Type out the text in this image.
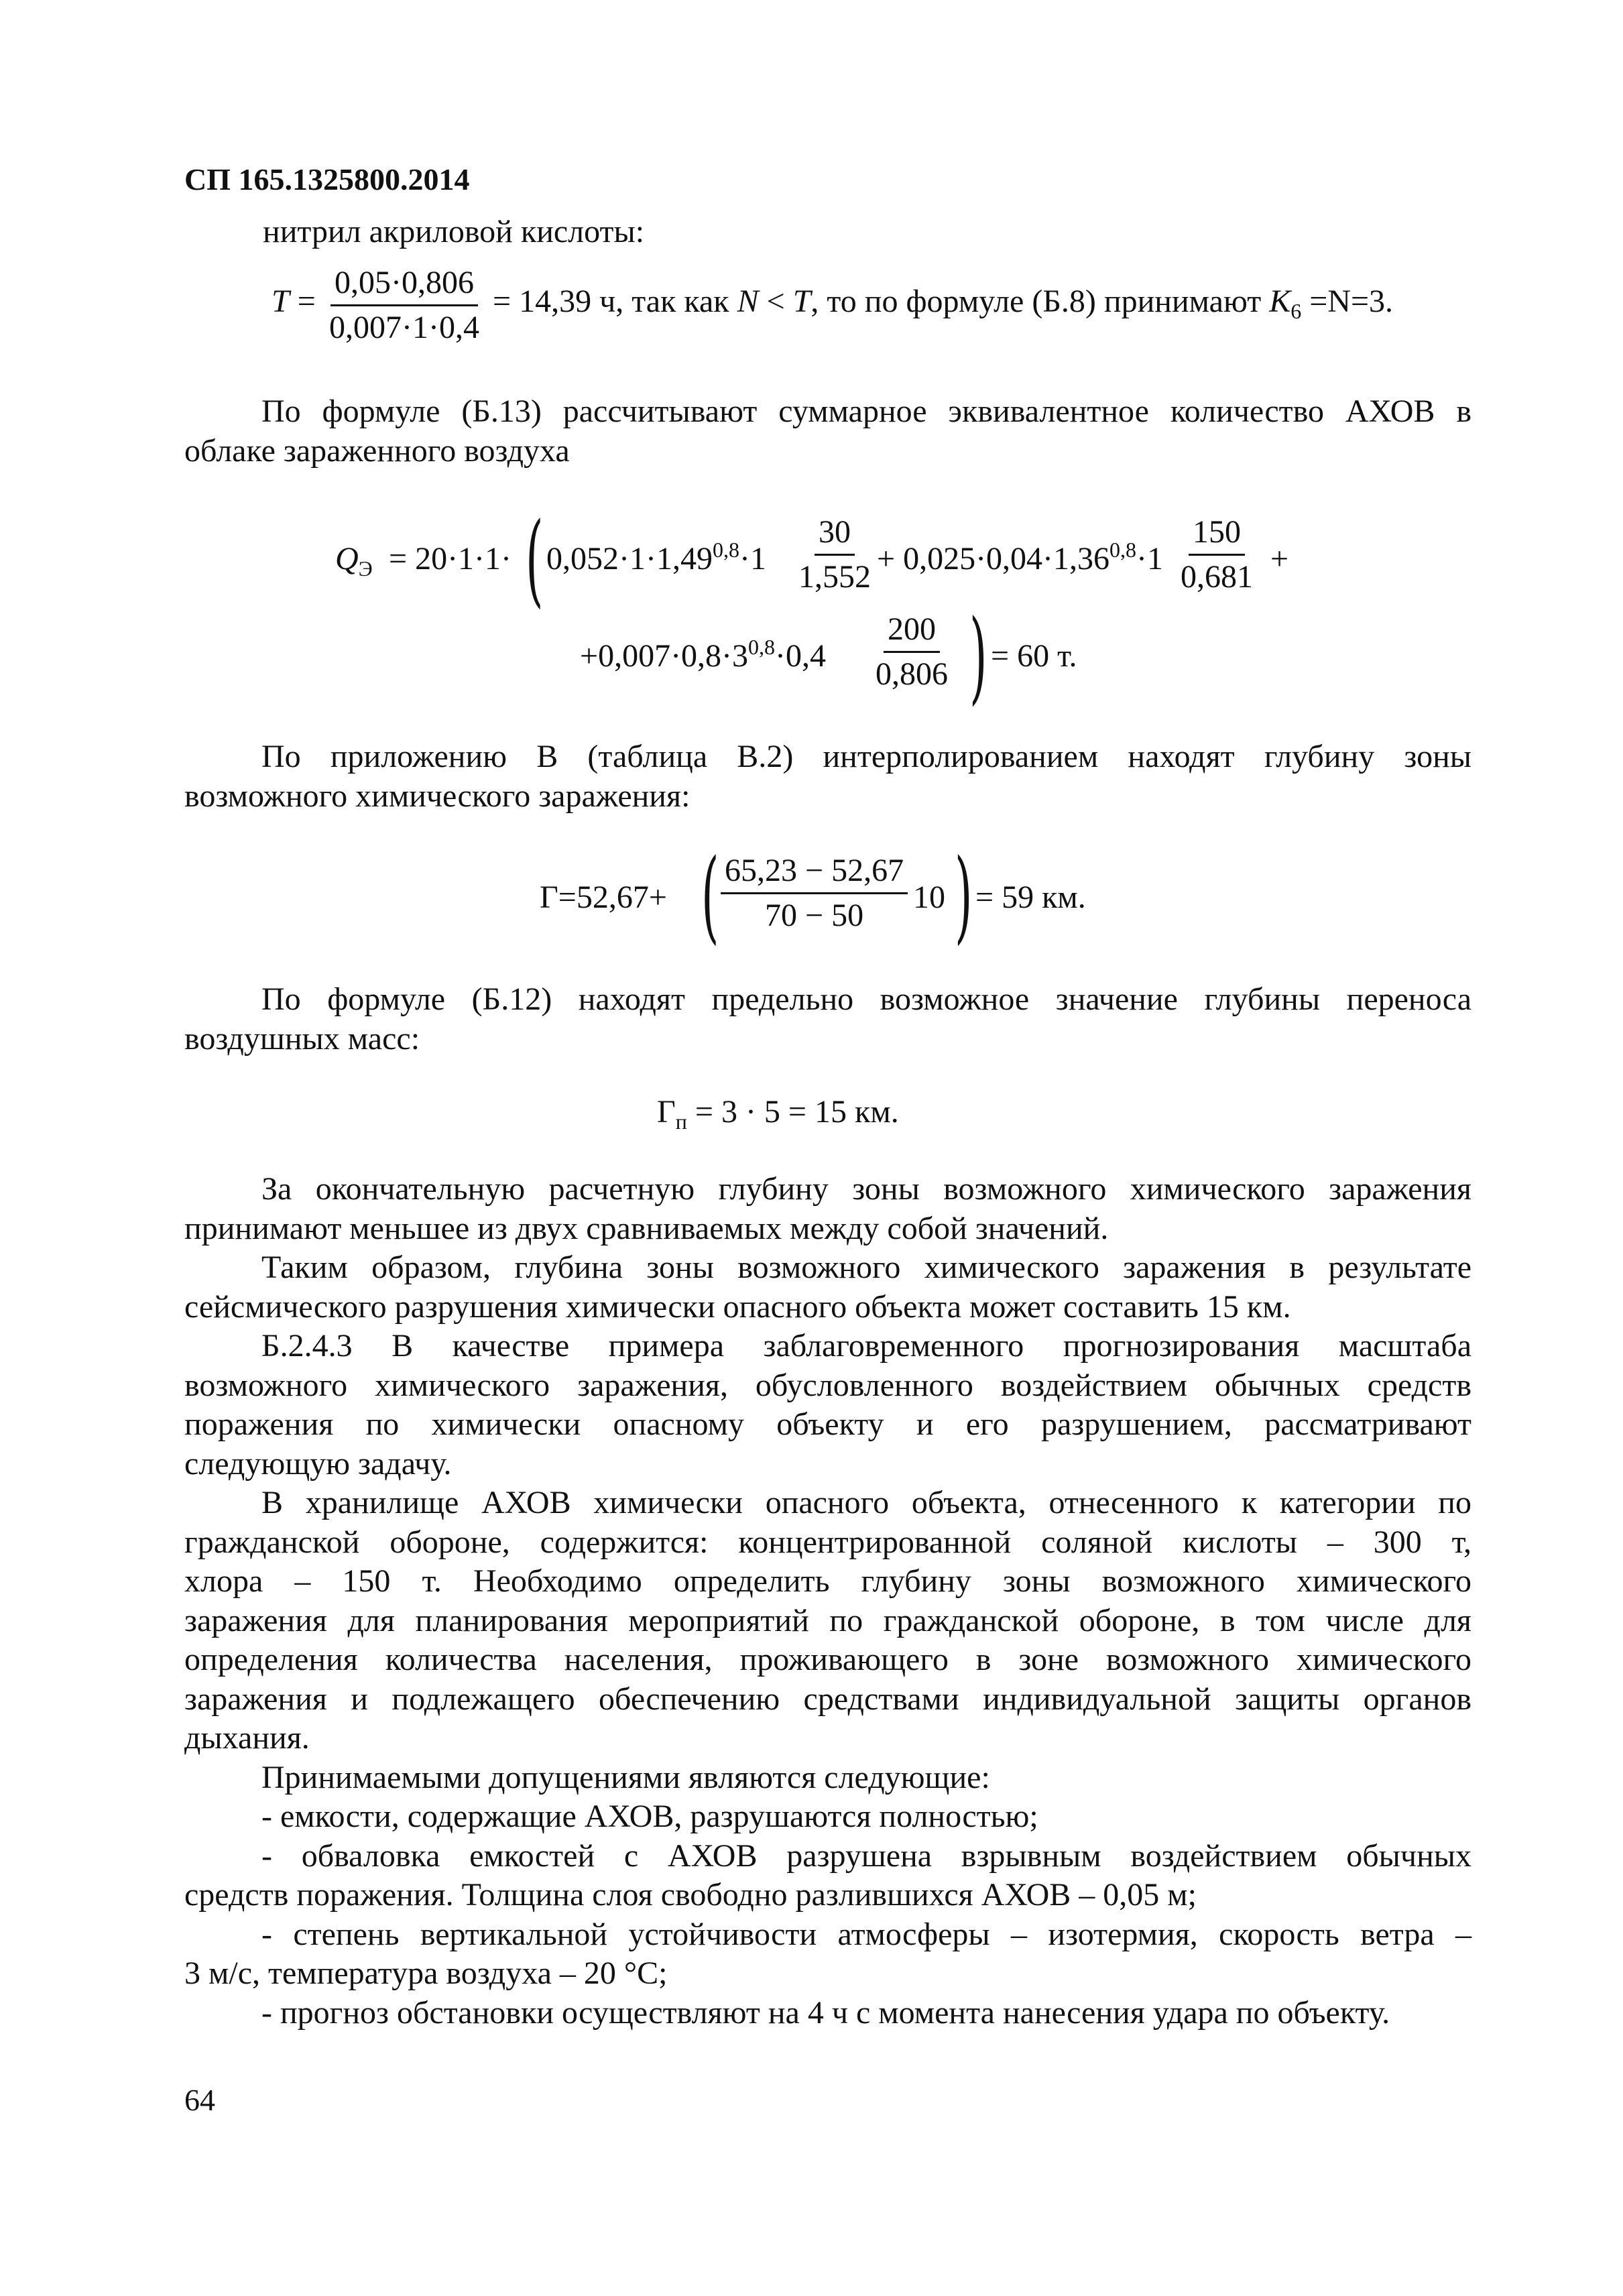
СП 165.1325800.2014
нитрил акриловой кислоты:
$T = \frac{0,05\cdot 0,806}{0,007\cdot 1\cdot 0,4} = 14,39$ ч, так как N < T, то по формуле (Б.8) принимают $K_6 =N=3$.
По формуле (Б.13) рассчитывают суммарное эквивалентное количество АХОВ в
облаке зараженного воздуха
$Q_Э = 20\cdot 1\cdot 1\cdot$ ( $0,052\cdot 1\cdot 1,49^{0,8}\cdot 1 \frac{30}{1,552} + 0,025\cdot 0,04\cdot 1,36^{0,8}\cdot 1 \frac{150}{0,681}$ +
$+0,007\cdot 0,8\cdot 3^{0,8}\cdot 0,4 \frac{200}{0,806}$ ) = 60 т.
По приложению В (таблица В.2) интерполированием находят глубину зоны
возможного химического заражения:
Г=52,67+ ( $\frac{65,23 - 52,67}{70 - 50} 10$ ) = 59 км.
По формуле (Б.12) находят предельно возможное значение глубины переноса
воздушных масс:
$Г_п = 3 \cdot 5 = 15$ км.
За окончательную расчетную глубину зоны возможного химического заражения
принимают меньшее из двух сравниваемых между собой значений.
Таким образом, глубина зоны возможного химического заражения в результате
сейсмического разрушения химически опасного объекта может составить 15 км.
Б.2.4.3 В качестве примера заблаговременного прогнозирования масштаба
возможного химического заражения, обусловленного воздействием обычных средств
поражения по химически опасному объекту и его разрушением, рассматривают
следующую задачу.
В хранилище АХОВ химически опасного объекта, отнесенного к категории по
гражданской обороне, содержится: концентрированной соляной кислоты – 300 т,
хлора – 150 т. Необходимо определить глубину зоны возможного химического
заражения для планирования мероприятий по гражданской обороне, в том числе для
определения количества населения, проживающего в зоне возможного химического
заражения и подлежащего обеспечению средствами индивидуальной защиты органов
дыхания.
Принимаемыми допущениями являются следующие:
- емкости, содержащие АХОВ, разрушаются полностью;
- обваловка емкостей с АХОВ разрушена взрывным воздействием обычных
средств поражения. Толщина слоя свободно разлившихся АХОВ – 0,05 м;
- степень вертикальной устойчивости атмосферы – изотермия, скорость ветра –
3 м/с, температура воздуха – 20 °С;
- прогноз обстановки осуществляют на 4 ч с момента нанесения удара по объекту.
64
